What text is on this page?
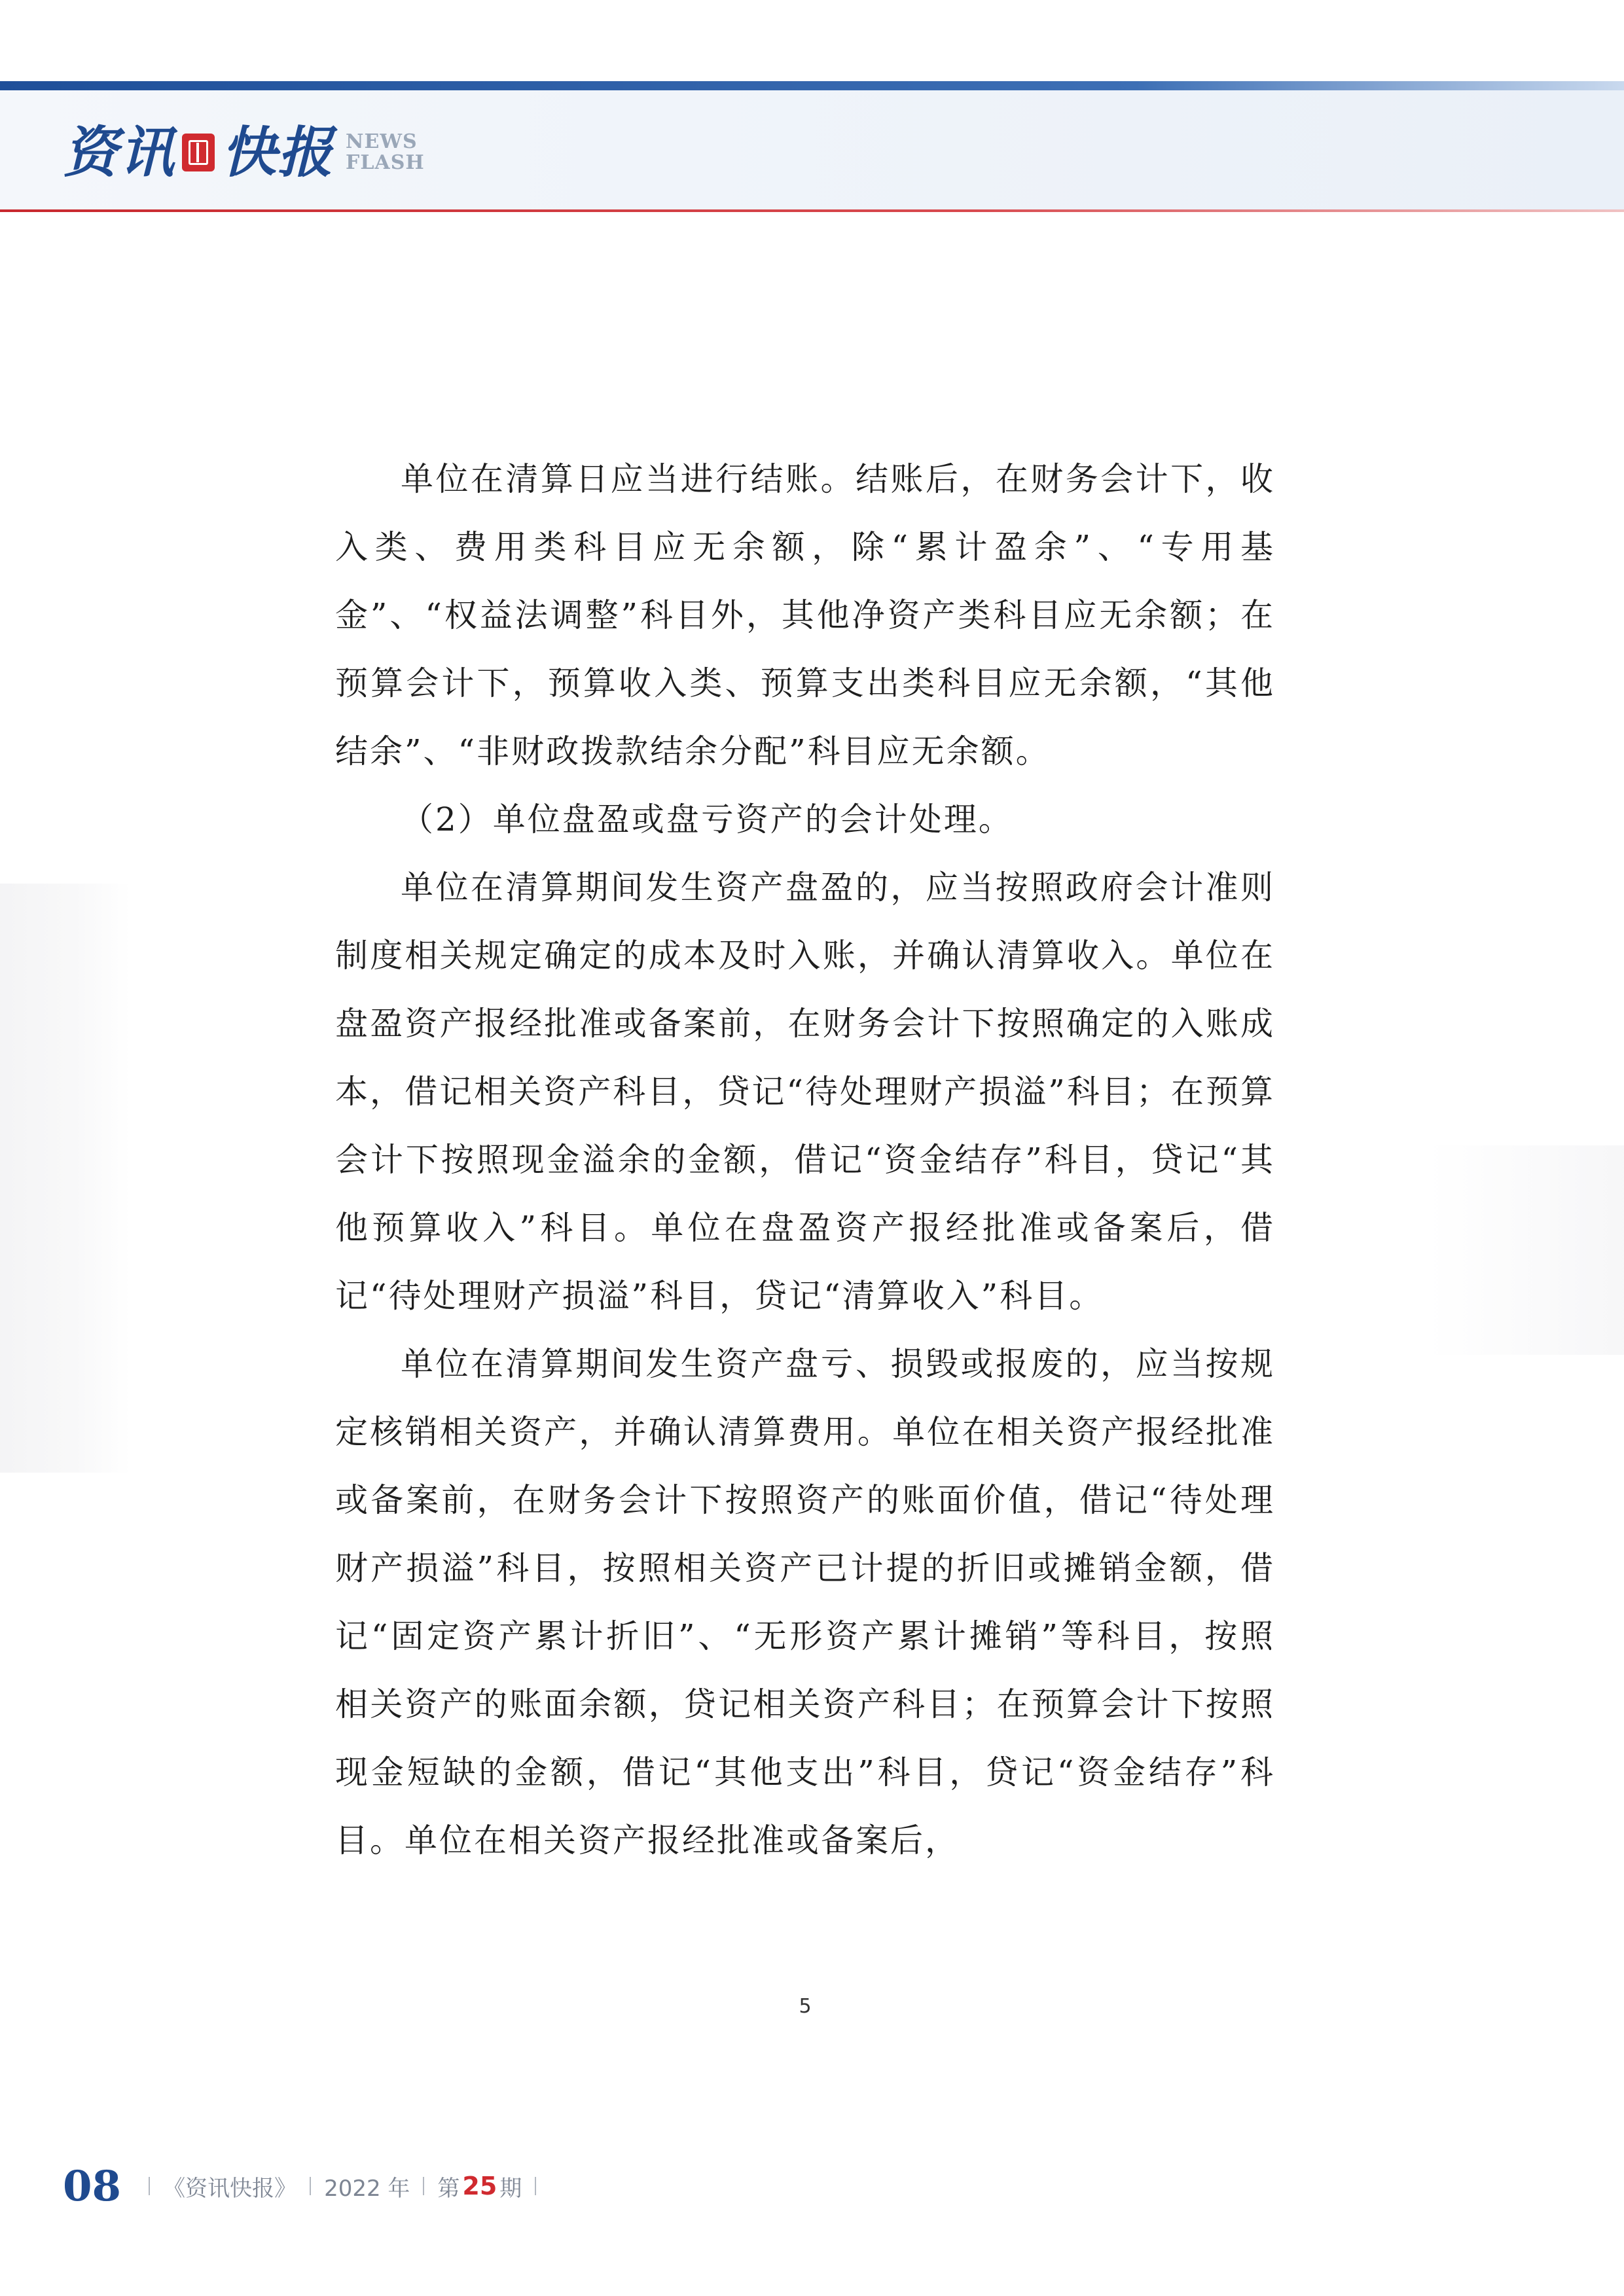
资讯 快报 NEWS
FLASH

单位在清算日应当进行结账。结账后，在财务会计下，收入类、费用类科目应无余额，除“累计盈余”、“专用基金”、“权益法调整”科目外，其他净资产类科目应无余额；在预算会计下，预算收入类、预算支出类科目应无余额，“其他结余”、“非财政拨款结余分配”科目应无余额。

（2）单位盘盈或盘亏资产的会计处理。

单位在清算期间发生资产盘盈的，应当按照政府会计准则制度相关规定确定的成本及时入账，并确认清算收入。单位在盘盈资产报经批准或备案前，在财务会计下按照确定的入账成本，借记相关资产科目，贷记“待处理财产损溢”科目；在预算会计下按照现金溢余的金额，借记“资金结存”科目，贷记“其他预算收入”科目。单位在盘盈资产报经批准或备案后，借记“待处理财产损溢”科目，贷记“清算收入”科目。

单位在清算期间发生资产盘亏、损毁或报废的，应当按规定核销相关资产，并确认清算费用。单位在相关资产报经批准或备案前，在财务会计下按照资产的账面价值，借记“待处理财产损溢”科目，按照相关资产已计提的折旧或摊销金额，借记“固定资产累计折旧”、“无形资产累计摊销”等科目，按照相关资产的账面余额，贷记相关资产科目；在预算会计下按照现金短缺的金额，借记“其他支出”科目，贷记“资金结存”科目。单位在相关资产报经批准或备案后，

5
08 《资讯快报》 2022 年 第 25 期
